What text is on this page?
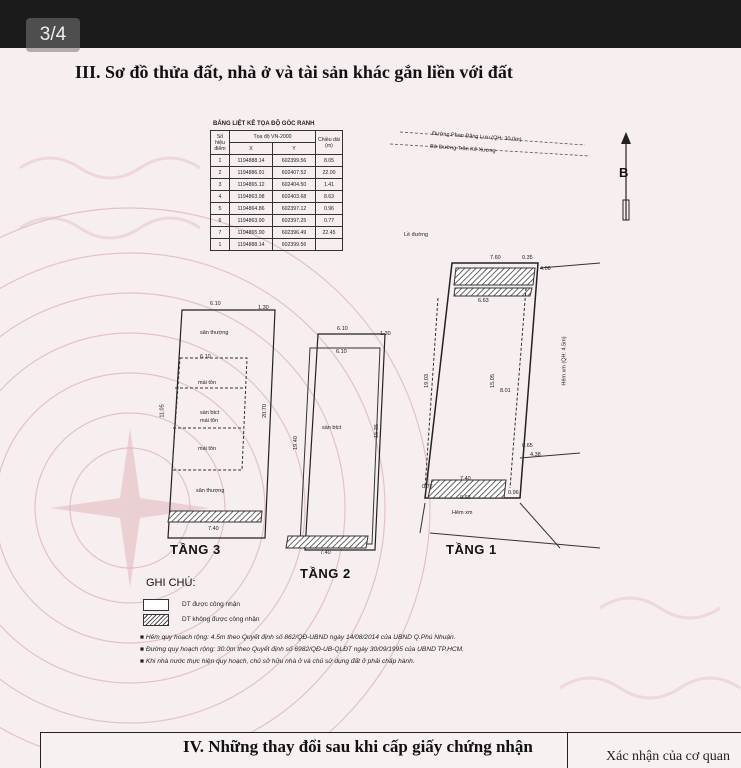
3/4
III. Sơ đồ thửa đất, nhà ở và tài sản khác gắn liền với đất
BẢNG LIỆT KÊ TỌA ĐỘ GÓC RANH
Số hiệu điểm	Tọa độ VN-2000		Chiều dài (m)
	X	Y	
1	1194888.14	602399.56	8.05
2	1194886.91	602407.52	22.00
3	1194865.12	602404.50	1.41
4	1194863.98	602403.68	8.63
5	1194864.86	602397.12	0.96
6	1194863.90	602397.25	0.77
7	1194865.90	602396.49	22.45
1	1194888.14	602399.56	
Đường Phan Đăng Lưu (QH: 30.0m)
Bờ Đường Trần Kế Xương
Lề đường
Hẻm xm (QH: 4.5m)
Hẻm xm
B
6.10
1.30
sân thượng
6.10
mái tôn
sàn btct
mái tôn
mái tôn
sân thượng
7.40
11.05	20.70
TẦNG 3
6.10
1.30
6.10
sàn btct
19.40
15.35
7.40
TẦNG 2
7.60	0.35
4.06
6.63
8.01
19.03	15.05
0.65
4.38
7.40
6.63
0.77
0.96
TẦNG 1
GHI CHÚ:
DT được công nhận
DT không được công nhận
■ Hẻm quy hoạch rộng: 4.5m theo Quyết định số 862/QĐ-UBND ngày 14/08/2014 của UBND Q.Phú Nhuận.
■ Đường quy hoạch rộng: 30.0m theo Quyết định số 6982/QĐ-UB-QLĐT ngày 30/09/1995 của UBND TP.HCM.
■ Khi nhà nước thực hiện quy hoạch, chủ sở hữu nhà ở và chủ sử dụng đất ở phải chấp hành.
IV. Những thay đổi sau khi cấp giấy chứng nhận
Xác nhận của cơ quan
